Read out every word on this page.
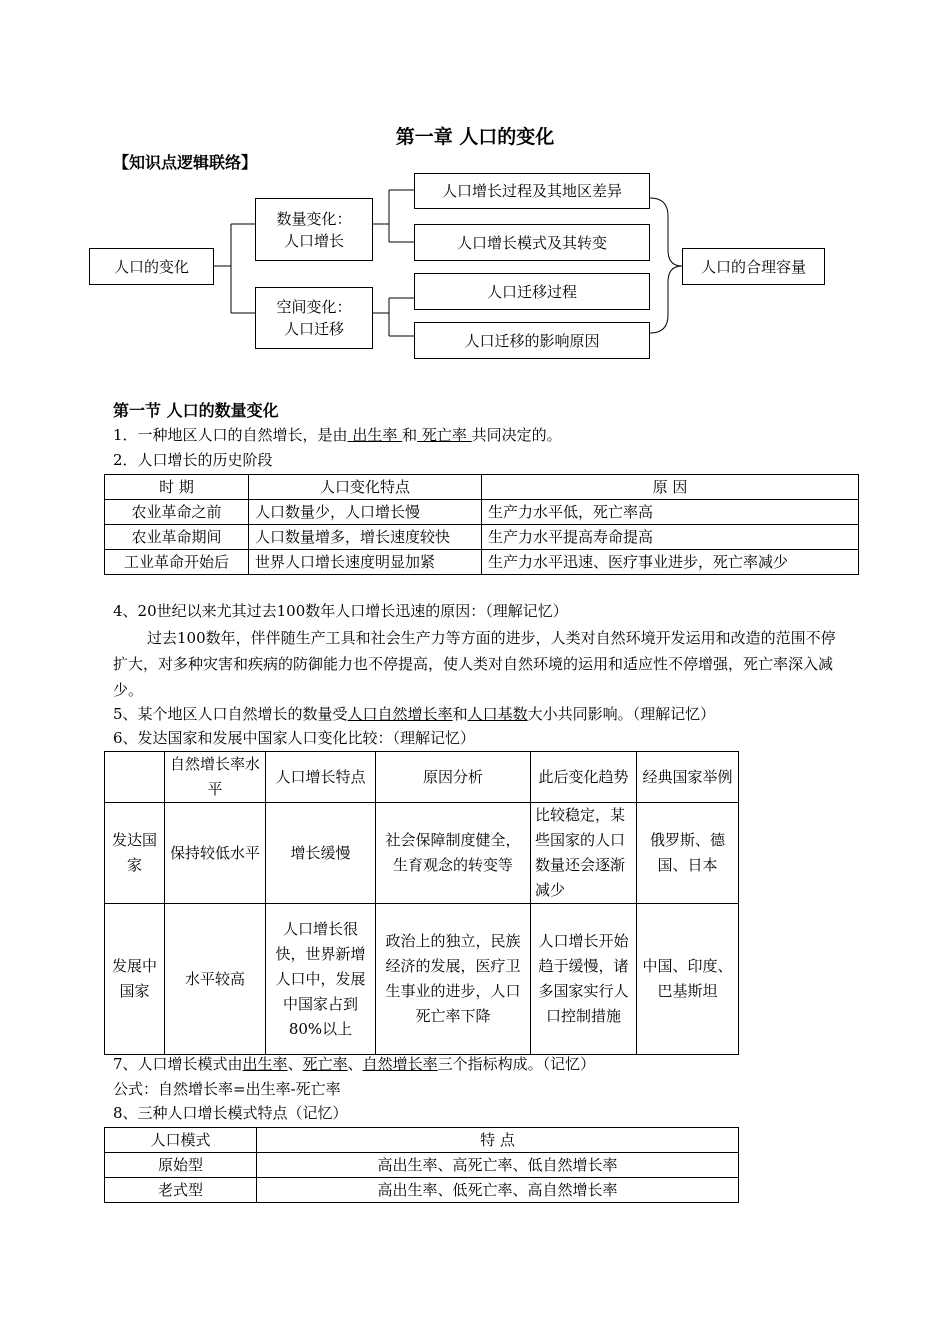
第一章 人口的变化
【知识点逻辑联络】
人口的变化
数量变化：
人口增长
空间变化：
人口迁移
人口增长过程及其地区差异
人口增长模式及其转变
人口迁移过程
人口迁移的影响原因
人口的合理容量
第一节 人口的数量变化
1．一种地区人口的自然增长，是由 出生率 和 死亡率 共同决定的。
2．人口增长的历史阶段
时 期	人口变化特点	原 因
农业革命之前	人口数量少，人口增长慢	生产力水平低，死亡率高
农业革命期间	人口数量增多，增长速度较快	生产力水平提高寿命提高
工业革命开始后	世界人口增长速度明显加紧	生产力水平迅速、医疗事业进步，死亡率减少
4、20世纪以来尤其过去100数年人口增长迅速的原因：（理解记忆）
过去100数年，伴伴随生产工具和社会生产力等方面的进步，人类对自然环境开发运用和改造的范围不停扩大，对多种灾害和疾病的防御能力也不停提高，使人类对自然环境的运用和适应性不停增强，死亡率深入减少。
5、某个地区人口自然增长的数量受人口自然增长率和人口基数大小共同影响。（理解记忆）
6、发达国家和发展中国家人口变化比较：（理解记忆）
	自然增长率水平	人口增长特点	原因分析	此后变化趋势	经典国家举例
发达国家	保持较低水平	增长缓慢	社会保障制度健全，生育观念的转变等	比较稳定，某些国家的人口数量还会逐渐减少	俄罗斯、德国、日本
发展中国家	水平较高	人口增长很快，世界新增人口中，发展中国家占到80%以上	政治上的独立，民族经济的发展，医疗卫生事业的进步，人口死亡率下降	人口增长开始趋于缓慢，诸多国家实行人口控制措施	中国、印度、巴基斯坦
7、人口增长模式由出生率、死亡率、自然增长率三个指标构成。（记忆）
公式：自然增长率=出生率-死亡率
8、三种人口增长模式特点（记忆）
人口模式	特 点
原始型	高出生率、高死亡率、低自然增长率
老式型	高出生率、低死亡率、高自然增长率
